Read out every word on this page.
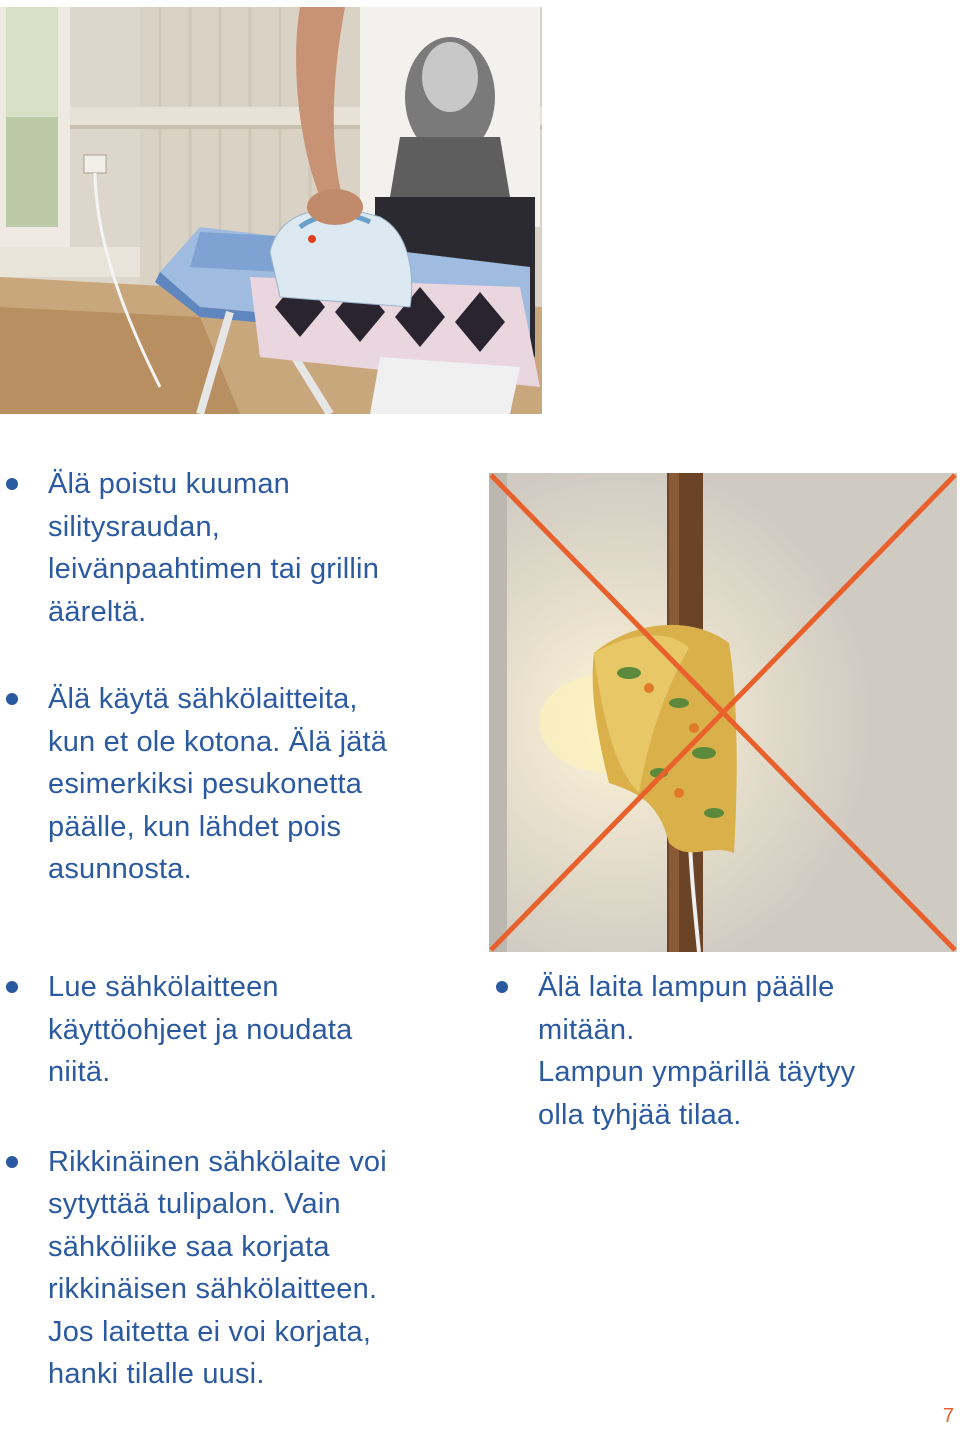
Älä poistu kuuman
silitysraudan,
leivänpaahtimen tai grillin
ääreltä.
Älä käytä sähkölaitteita,
kun et ole kotona. Älä jätä
esimerkiksi pesukonetta
päälle, kun lähdet pois
asunnosta.
Lue sähkölaitteen
käyttöohjeet ja noudata
niitä.
Rikkinäinen sähkölaite voi
sytyttää tulipalon. Vain
sähköliike saa korjata
rikkinäisen sähkölaitteen.
Jos laitetta ei voi korjata,
hanki tilalle uusi.
Älä laita lampun päälle
mitään.
Lampun ympärillä täytyy
olla tyhjää tilaa.
7
